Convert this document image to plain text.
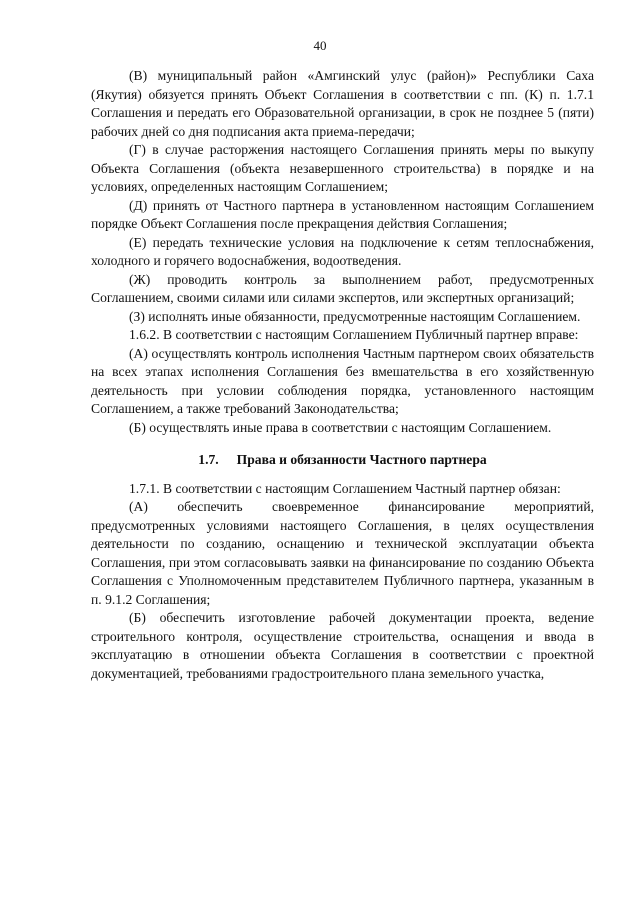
40

(В) муниципальный район «Амгинский улус (район)» Республики Саха (Якутия) обязуется принять Объект Соглашения в соответствии с пп. (К) п. 1.7.1 Соглашения и передать его Образовательной организации, в срок не позднее 5 (пяти) рабочих дней со дня подписания акта приема-передачи;

(Г) в случае расторжения настоящего Соглашения принять меры по выкупу Объекта Соглашения (объекта незавершенного строительства) в порядке и на условиях, определенных настоящим Соглашением;

(Д) принять от Частного партнера в установленном настоящим Соглашением порядке Объект Соглашения после прекращения действия Соглашения;

(Е) передать технические условия на подключение к сетям теплоснабжения, холодного и горячего водоснабжения, водоотведения.

(Ж) проводить контроль за выполнением работ, предусмотренных Соглашением, своими силами или силами экспертов, или экспертных организаций;

(З) исполнять иные обязанности, предусмотренные настоящим Соглашением.

1.6.2. В соответствии с настоящим Соглашением Публичный партнер вправе:

(А) осуществлять контроль исполнения Частным партнером своих обязательств на всех этапах исполнения Соглашения без вмешательства в его хозяйственную деятельность при условии соблюдения порядка, установленного настоящим Соглашением, а также требований Законодательства;

(Б) осуществлять иные права в соответствии с настоящим Соглашением.

1.7. Права и обязанности Частного партнера

1.7.1. В соответствии с настоящим Соглашением Частный партнер обязан:

(А) обеспечить своевременное финансирование мероприятий, предусмотренных условиями настоящего Соглашения, в целях осуществления деятельности по созданию, оснащению и технической эксплуатации объекта Соглашения, при этом согласовывать заявки на финансирование по созданию Объекта Соглашения с Уполномоченным представителем Публичного партнера, указанным в п. 9.1.2 Соглашения;

(Б) обеспечить изготовление рабочей документации проекта, ведение строительного контроля, осуществление строительства, оснащения и ввода в эксплуатацию в отношении объекта Соглашения в соответствии с проектной документацией, требованиями градостроительного плана земельного участка,
